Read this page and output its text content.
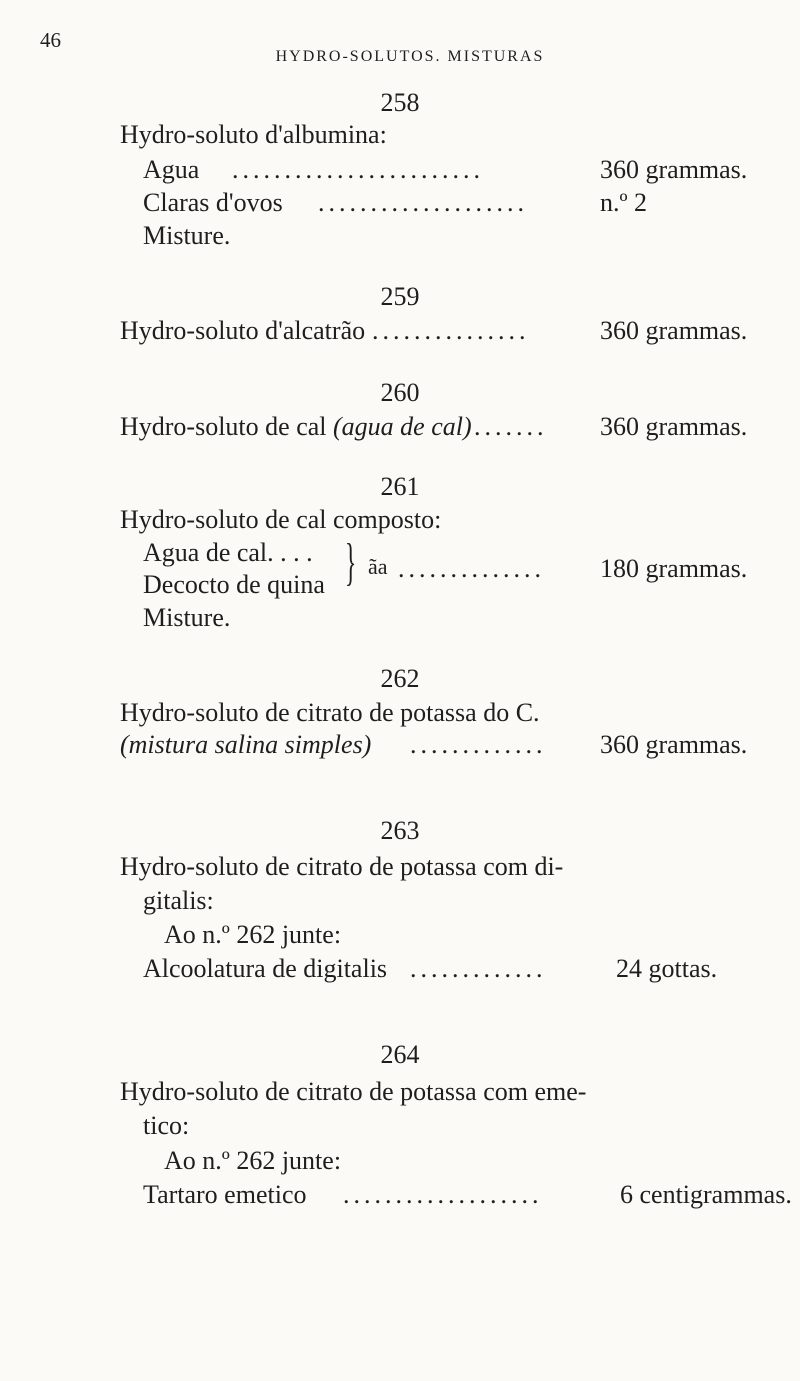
46
HYDRO-SOLUTOS. MISTURAS
258
Hydro-soluto d'albumina:
Agua ........................	360 grammas.
Claras d'ovos ....................	n.º 2
Misture.
259
Hydro-soluto d'alcatrão ...............	360 grammas.
260
Hydro-soluto de cal (agua de cal) .......	360 grammas.
261
Hydro-soluto de cal composto:
Agua de cal. . . .
Decocto de quina } ãa ..............	180 grammas.
Misture.
262
Hydro-soluto de citrato de potassa do C.
(mistura salina simples) .............	360 grammas.
263
Hydro-soluto de citrato de potassa com di-
gitalis:
Ao n.º 262 junte:
Alcoolatura de digitalis .............	24 gottas.
264
Hydro-soluto de citrato de potassa com eme-
tico:
Ao n.º 262 junte:
Tartaro emetico ...................	6 centigrammas.
